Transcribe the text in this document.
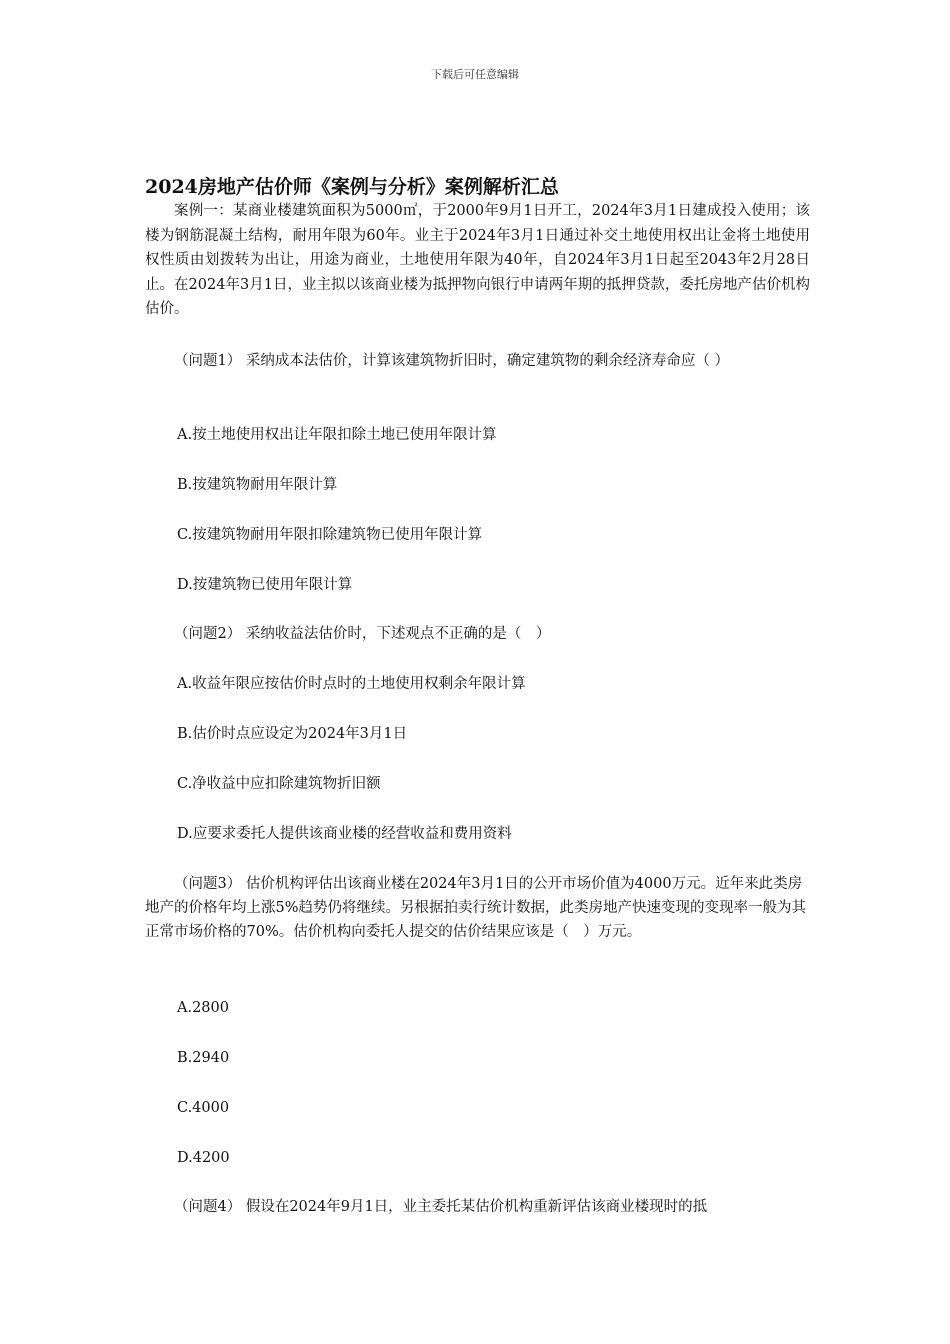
下载后可任意编辑
2024房地产估价师《案例与分析》案例解析汇总

案例一：某商业楼建筑面积为5000㎡，于2000年9月1日开工，2024年3月1日建成投入使用；该楼为钢筋混凝土结构，耐用年限为60年。业主于2024年3月1日通过补交土地使用权出让金将土地使用权性质由划拨转为出让，用途为商业，土地使用年限为40年，自2024年3月1日起至2043年2月28日止。在2024年3月1日，业主拟以该商业楼为抵押物向银行申请两年期的抵押贷款，委托房地产估价机构估价。

（问题1） 采纳成本法估价，计算该建筑物折旧时，确定建筑物的剩余经济寿命应（ ）

A.按土地使用权出让年限扣除土地已使用年限计算

B.按建筑物耐用年限计算

C.按建筑物耐用年限扣除建筑物已使用年限计算

D.按建筑物已使用年限计算

（问题2） 采纳收益法估价时，下述观点不正确的是（　）

A.收益年限应按估价时点时的土地使用权剩余年限计算

B.估价时点应设定为2024年3月1日

C.净收益中应扣除建筑物折旧额

D.应要求委托人提供该商业楼的经营收益和费用资料

（问题3） 估价机构评估出该商业楼在2024年3月1日的公开市场价值为4000万元。近年来此类房地产的价格年均上涨5%趋势仍将继续。另根据拍卖行统计数据，此类房地产快速变现的变现率一般为其正常市场价格的70%。估价机构向委托人提交的估价结果应该是（　）万元。

A.2800

B.2940

C.4000

D.4200

（问题4） 假设在2024年9月1日，业主委托某估价机构重新评估该商业楼现时的抵
